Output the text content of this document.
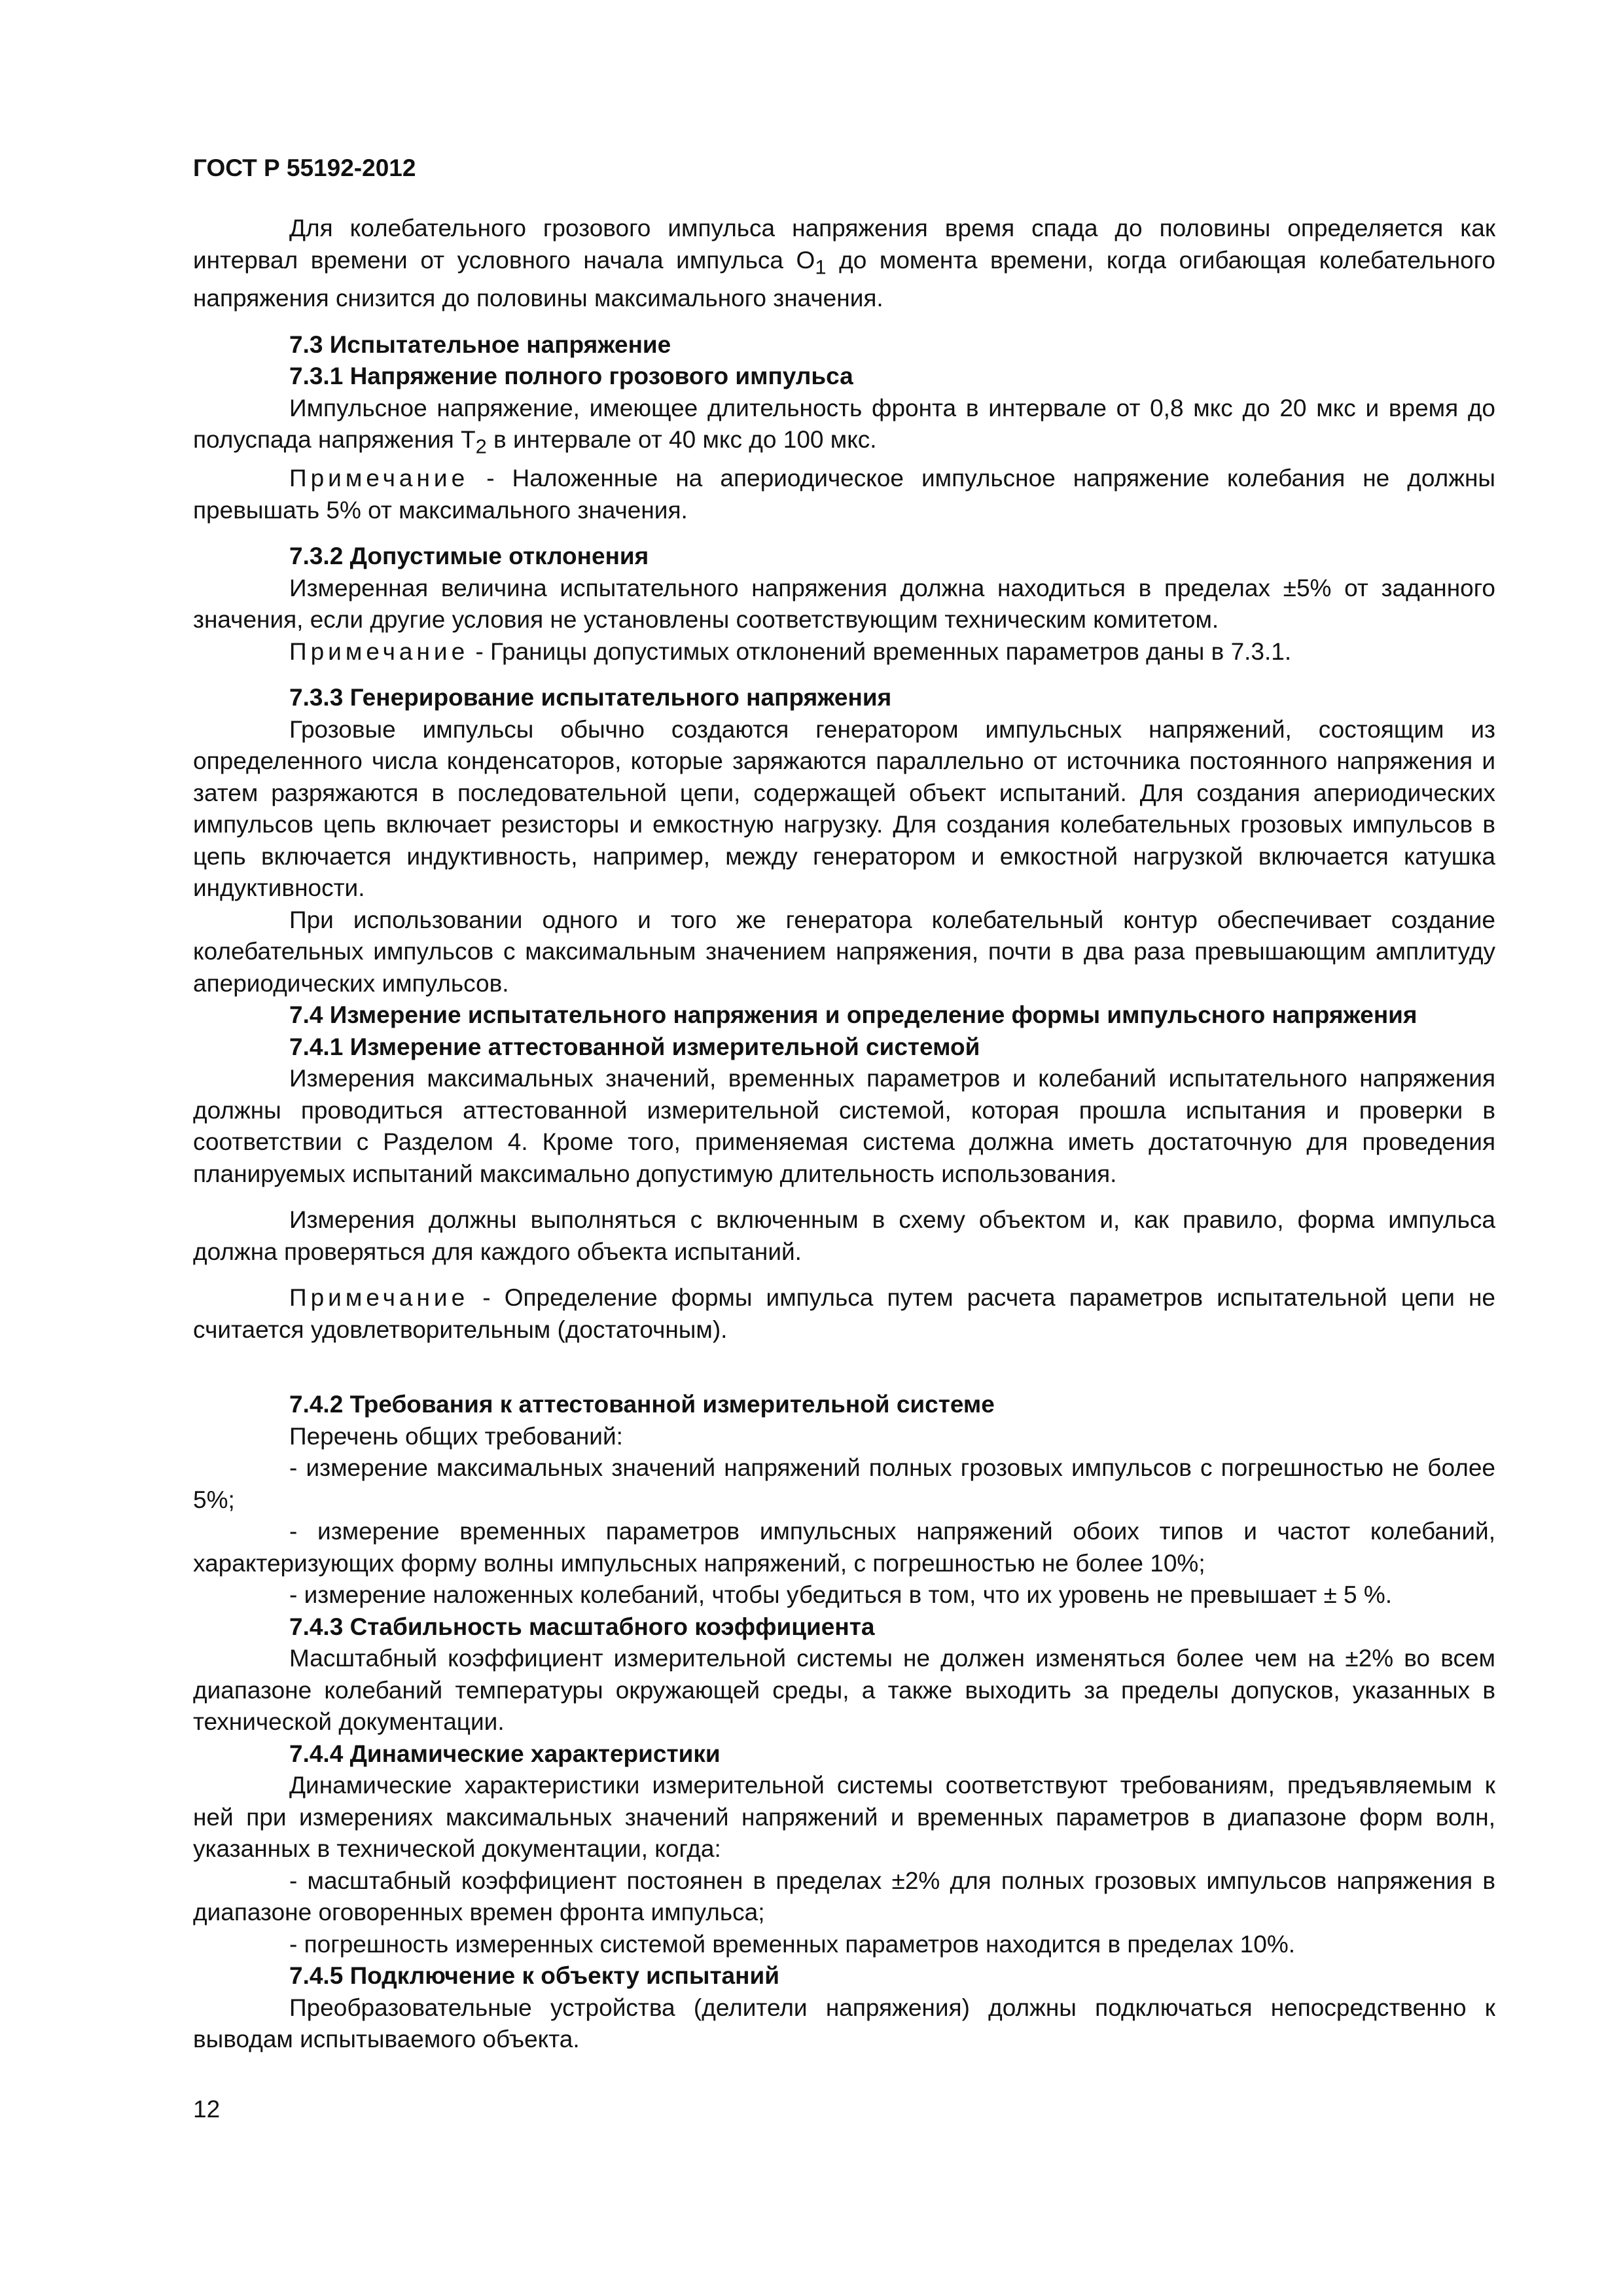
ГОСТ Р 55192-2012

Для колебательного грозового импульса напряжения время спада до половины определяется как интервал времени от условного начала импульса $О_1$ до момента времени, когда огибающая колебательного напряжения снизится до половины максимального значения.

7.3 Испытательное напряжение

7.3.1 Напряжение полного грозового импульса

Импульсное напряжение, имеющее длительность фронта в интервале от 0,8 мкс до 20 мкс и время до полуспада напряжения $Т_2$ в интервале от 40 мкс до 100 мкс.

Примечание - Наложенные на апериодическое импульсное напряжение колебания не должны превышать 5% от максимального значения.

7.3.2 Допустимые отклонения

Измеренная величина испытательного напряжения должна находиться в пределах ±5% от заданного значения, если другие условия не установлены соответствующим техническим комитетом.

Примечание - Границы допустимых отклонений временных параметров даны в 7.3.1.

7.3.3 Генерирование испытательного напряжения

Грозовые импульсы обычно создаются генератором импульсных напряжений, состоящим из определенного числа конденсаторов, которые заряжаются параллельно от источника постоянного напряжения и затем разряжаются в последовательной цепи, содержащей объект испытаний. Для создания апериодических импульсов цепь включает резисторы и емкостную нагрузку. Для создания колебательных грозовых импульсов в цепь включается индуктивность, например, между генератором и емкостной нагрузкой включается катушка индуктивности.

При использовании одного и того же генератора колебательный контур обеспечивает создание колебательных импульсов с максимальным значением напряжения, почти в два раза превышающим амплитуду апериодических импульсов.

7.4 Измерение испытательного напряжения и определение формы импульсного напряжения

7.4.1 Измерение аттестованной измерительной системой

Измерения максимальных значений, временных параметров и колебаний испытательного напряжения должны проводиться аттестованной измерительной системой, которая прошла испытания и проверки в соответствии с Разделом 4. Кроме того, применяемая система должна иметь достаточную для проведения планируемых испытаний максимально допустимую длительность использования.

Измерения должны выполняться с включенным в схему объектом и, как правило, форма импульса должна проверяться для каждого объекта испытаний.

Примечание - Определение формы импульса путем расчета параметров испытательной цепи не считается удовлетворительным (достаточным).

7.4.2 Требования к аттестованной измерительной системе

Перечень общих требований:

- измерение максимальных значений напряжений полных грозовых импульсов с погрешностью не более 5%;

- измерение временных параметров импульсных напряжений обоих типов и частот колебаний, характеризующих форму волны импульсных напряжений, с погрешностью не более 10%;

- измерение наложенных колебаний, чтобы убедиться в том, что их уровень не превышает ± 5 %.

7.4.3 Стабильность масштабного коэффициента

Масштабный коэффициент измерительной системы не должен изменяться более чем на ±2% во всем диапазоне колебаний температуры окружающей среды, а также выходить за пределы допусков, указанных в технической документации.

7.4.4 Динамические характеристики

Динамические характеристики измерительной системы соответствуют требованиям, предъявляемым к ней при измерениях максимальных значений напряжений и временных параметров в диапазоне форм волн, указанных в технической документации, когда:

- масштабный коэффициент постоянен в пределах ±2% для полных грозовых импульсов напряжения в диапазоне оговоренных времен фронта импульса;

- погрешность измеренных системой временных параметров находится в пределах 10%.

7.4.5 Подключение к объекту испытаний

Преобразовательные устройства (делители напряжения) должны подключаться непосредственно к выводам испытываемого объекта.

12
